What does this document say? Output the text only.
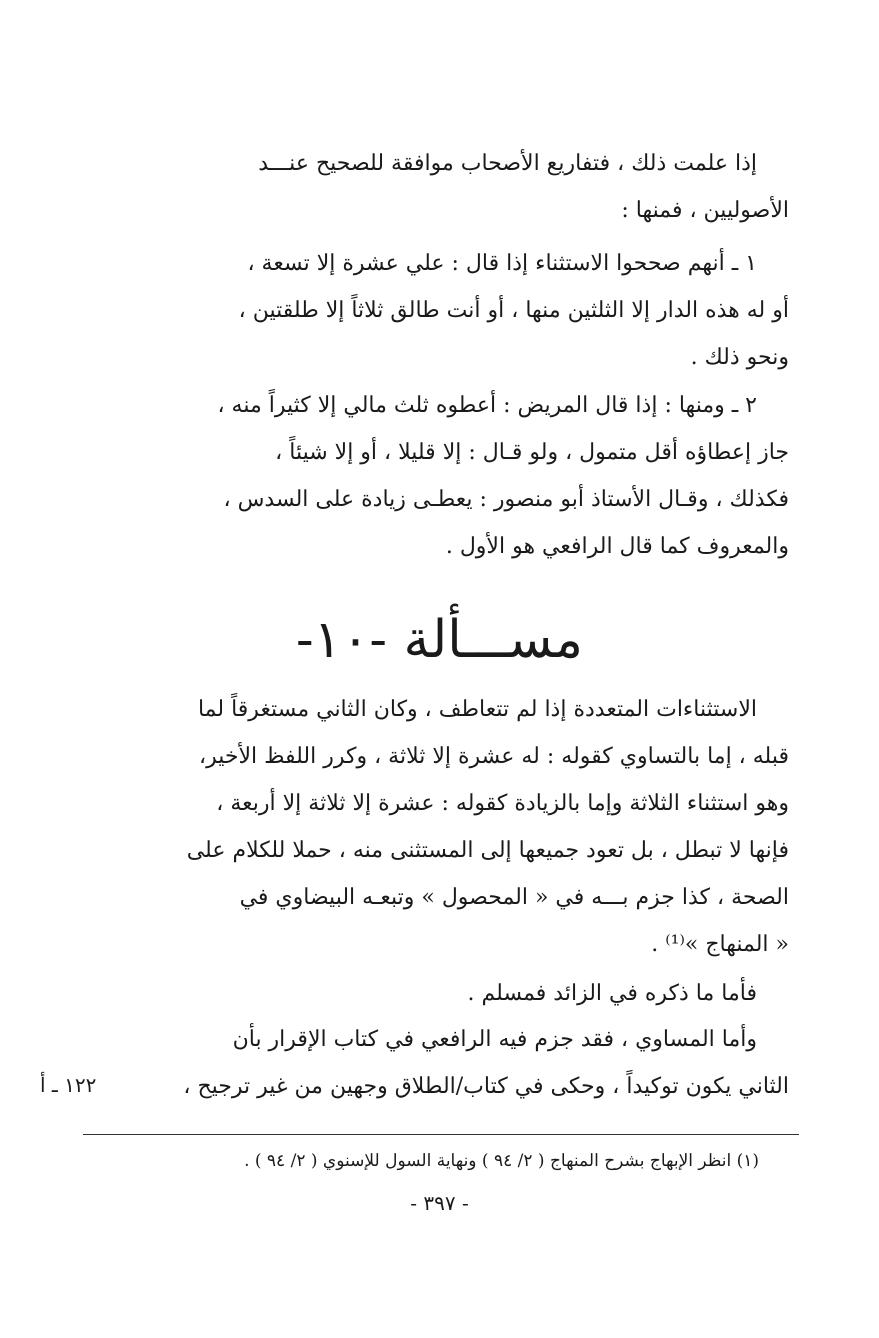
إذا علمت ذلك ، فتفاريع الأصحاب موافقة للصحيح عنـــد
الأصوليين ، فمنها :
١ ـ أنهم صححوا الاستثناء إذا قال : علي عشرة إلا تسعة ،
أو له هذه الدار إلا الثلثين منها ، أو أنت طالق ثلاثاً إلا طلقتين ،
ونحو ذلك .
٢ ـ ومنها : إذا قال المريض : أعطوه ثلث مالي إلا كثيراً منه ،
جاز إعطاؤه أقل متمول ، ولو قـال : إلا قليلا ، أو إلا شيئاً ،
فكذلك ، وقـال الأستاذ أبو منصور : يعطـى زيادة على السدس ،
والمعروف كما قال الرافعي هو الأول .
مســـألة -١٠-
الاستثناءات المتعددة إذا لم تتعاطف ، وكان الثاني مستغرقاً لما
قبله ، إما بالتساوي كقوله : له عشرة إلا ثلاثة ، وكرر اللفظ الأخير،
وهو استثناء الثلاثة وإما بالزيادة كقوله : عشرة إلا ثلاثة إلا أربعة ،
فإنها لا تبطل ، بل تعود جميعها إلى المستثنى منه ، حملا للكلام على
الصحة ، كذا جزم بـــه في « المحصول » وتبعـه البيضاوي في
« المنهاج »⁽¹⁾ .
فأما ما ذكره في الزائد فمسلم .
وأما المساوي ، فقد جزم فيه الرافعي في كتاب الإقرار بأن
الثاني يكون توكيداً ، وحكى في كتاب/الطلاق وجهين من غير ترجيح ،
١٢٢ ـ أ
(١) انظر الإبهاج بشرح المنهاج ( ٢/ ٩٤ ) ونهاية السول للإسنوي ( ٢/ ٩٤ ) .
- ٣٩٧ -
